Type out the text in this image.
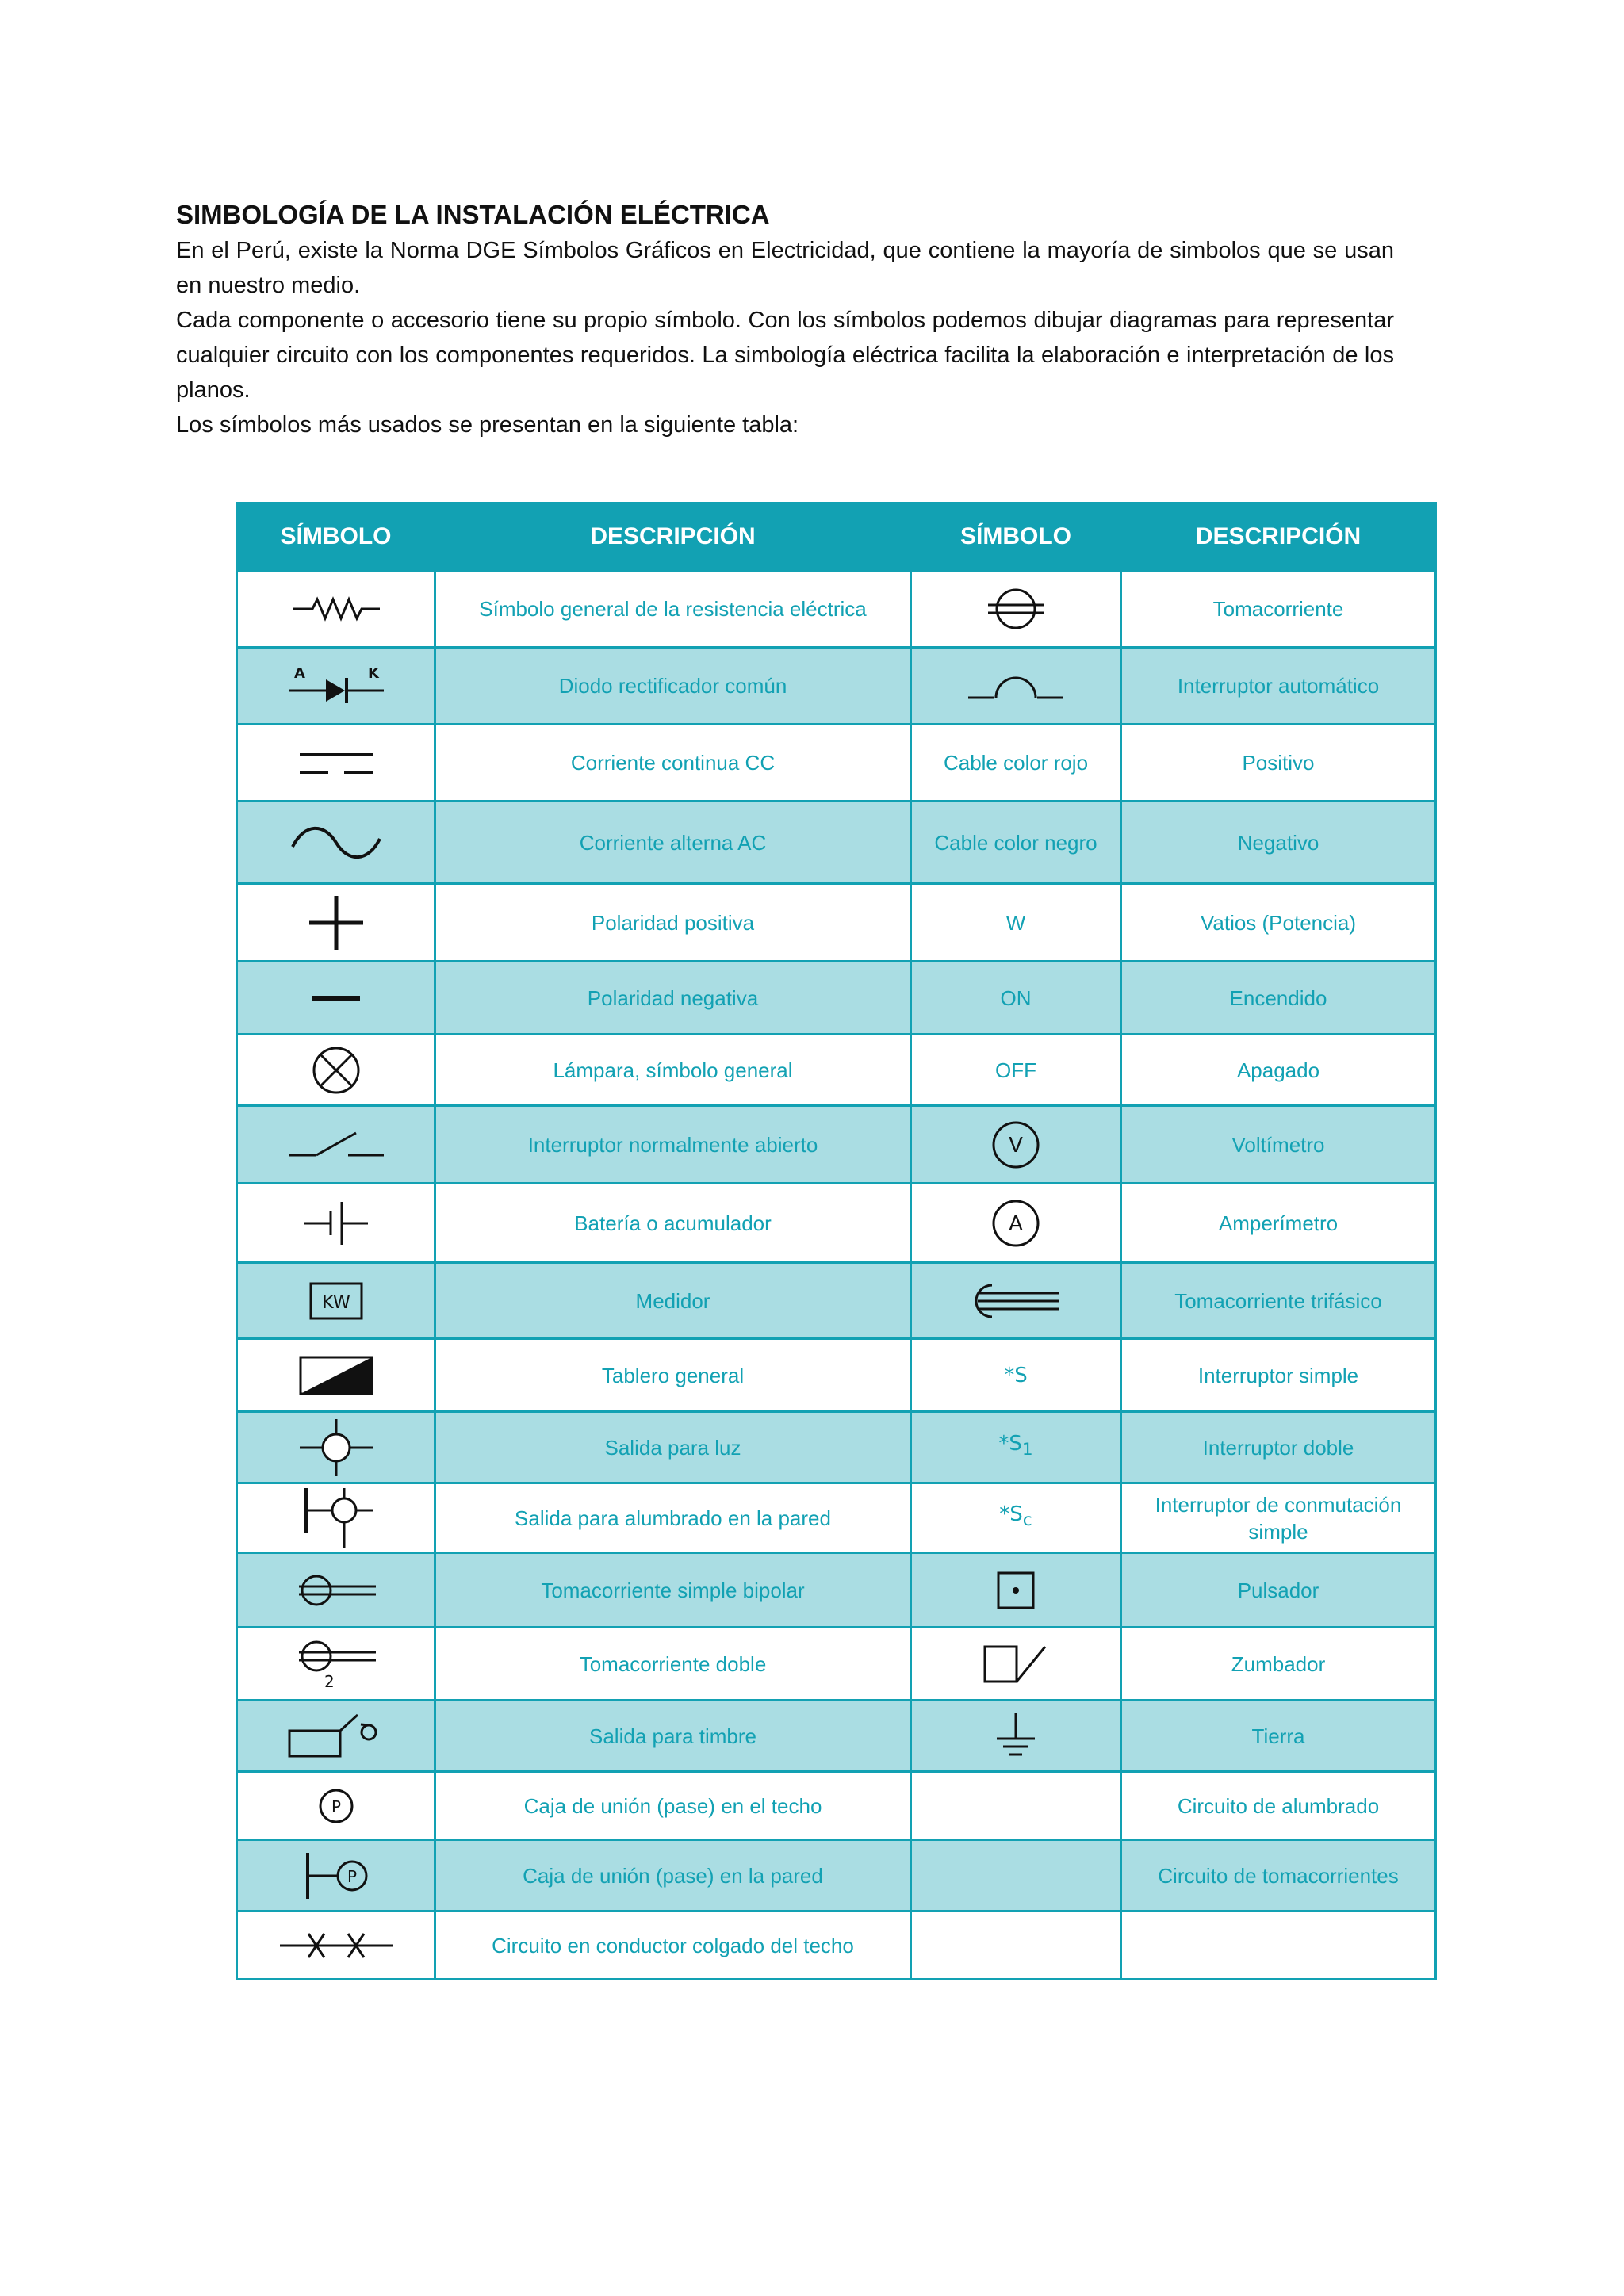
SIMBOLOGÍA DE LA INSTALACIÓN ELÉCTRICA

En el Perú, existe la Norma DGE Símbolos Gráficos en Electricidad, que contiene la mayoría de simbolos que se usan en nuestro medio.

Cada componente o accesorio tiene su propio símbolo. Con los símbolos podemos dibujar diagramas para representar cualquier circuito con los componentes requeridos. La simbología eléctrica facilita la elaboración e interpretación de los planos.

Los símbolos más usados se presentan en la siguiente tabla:

SÍMBOLO	DESCRIPCIÓN	SÍMBOLO	DESCRIPCIÓN

	Símbolo general de la resistencia eléctrica		Tomacorriente

A K	Diodo rectificador común		Interruptor automático

	Corriente continua CC	Cable color rojo	Positivo

	Corriente alterna AC	Cable color negro	Negativo

	Polaridad positiva	W	Vatios (Potencia)

	Polaridad negativa	ON	Encendido

	Lámpara, símbolo general	OFF	Apagado

	Interruptor normalmente abierto	V	Voltímetro

	Batería o acumulador	A	Amperímetro

KW	Medidor		Tomacorriente trifásico

	Tablero general	*S	Interruptor simple

	Salida para luz	$*S_1$	Interruptor doble

	Salida para alumbrado en la pared	$*S_c$	Interruptor de conmutación simple

	Tomacorriente simple bipolar		Pulsador

2	Tomacorriente doble		Zumbador

	Salida para timbre		Tierra

P	Caja de unión (pase) en el techo		Circuito de alumbrado

P	Caja de unión (pase) en la pared		Circuito de tomacorrientes

	Circuito en conductor colgado del techo		
